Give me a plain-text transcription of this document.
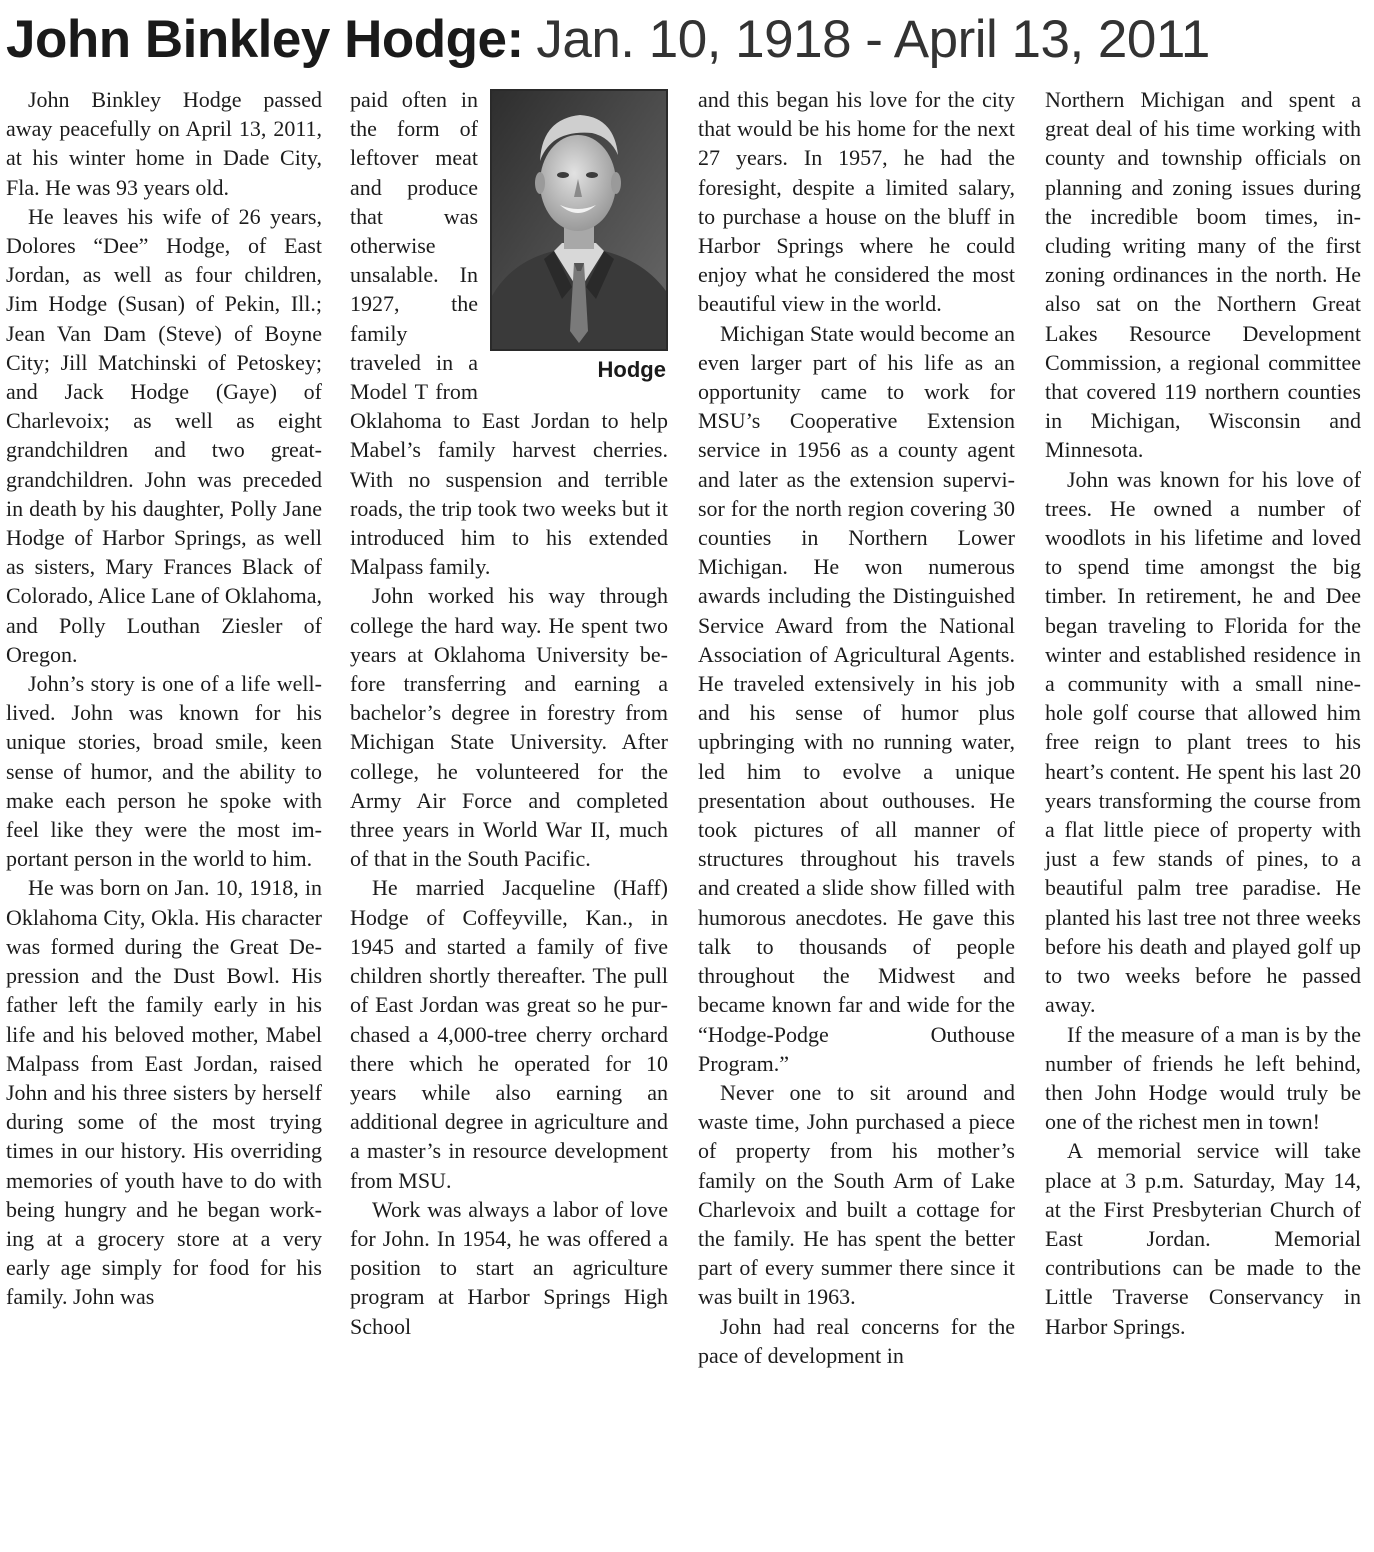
John Binkley Hodge: Jan. 10, 1918 - April 13, 2011

John Binkley Hodge passed away peacefully on April 13, 2011, at his winter home in Dade City, Fla. He was 93 years old.

He leaves his wife of 26 years, Dolores “Dee” Hodge, of East Jordan, as well as four children, Jim Hodge (Susan) of Pekin, Ill.; Jean Van Dam (Steve) of Boyne City; Jill Matchinski of Petoskey; and Jack Hodge (Gaye) of Charlevoix; as well as eight grandchildren and two great-grandchildren. John was preceded in death by his daughter, Polly Jane Hodge of Harbor Springs, as well as sisters, Mary Frances Black of Colorado, Alice Lane of Oklahoma, and Polly Louthan Ziesler of Oregon.

John’s story is one of a life well-lived. John was known for his unique stories, broad smile, keen sense of humor, and the ability to make each person he spoke with feel like they were the most important person in the world to him.

He was born on Jan. 10, 1918, in Oklahoma City, Okla. His character was formed during the Great Depression and the Dust Bowl. His father left the family early in his life and his beloved mother, Mabel Malpass from East Jordan, raised John and his three sisters by herself during some of the most trying times in our history. His overriding memories of youth have to do with being hungry and he began working at a grocery store at a very early age simply for food for his family. John was

Hodge

paid often in the form of leftover meat and produce that was otherwise unsalable. In 1927, the family traveled in a Model T from Oklahoma to East Jordan to help Mabel’s family harvest cherries. With no suspension and terrible roads, the trip took two weeks but it introduced him to his extended Malpass family.

John worked his way through college the hard way. He spent two years at Oklahoma University before transferring and earning a bachelor’s degree in forestry from Michigan State University. After college, he volunteered for the Army Air Force and completed three years in World War II, much of that in the South Pacific.

He married Jacqueline (Haff) Hodge of Coffeyville, Kan., in 1945 and started a family of five children shortly thereafter. The pull of East Jordan was great so he purchased a 4,000-tree cherry orchard there which he operated for 10 years while also earning an additional degree in agriculture and a master’s in resource development from MSU.

Work was always a labor of love for John. In 1954, he was offered a position to start an agriculture program at Harbor Springs High School

and this began his love for the city that would be his home for the next 27 years. In 1957, he had the foresight, despite a limited salary, to purchase a house on the bluff in Harbor Springs where he could enjoy what he considered the most beautiful view in the world.

Michigan State would become an even larger part of his life as an opportunity came to work for MSU’s Cooperative Extension service in 1956 as a county agent and later as the extension supervisor for the north region covering 30 counties in Northern Lower Michigan. He won numerous awards including the Distinguished Service Award from the National Association of Agricultural Agents. He traveled extensively in his job and his sense of humor plus upbringing with no running water, led him to evolve a unique presentation about outhouses. He took pictures of all manner of structures throughout his travels and created a slide show filled with humorous anecdotes. He gave this talk to thousands of people throughout the Midwest and became known far and wide for the “Hodge-Podge Outhouse Program.”

Never one to sit around and waste time, John purchased a piece of property from his mother’s family on the South Arm of Lake Charlevoix and built a cottage for the family. He has spent the better part of every summer there since it was built in 1963.

John had real concerns for the pace of development in

Northern Michigan and spent a great deal of his time working with county and township officials on planning and zoning issues during the incredible boom times, including writing many of the first zoning ordinances in the north. He also sat on the Northern Great Lakes Resource Development Commission, a regional committee that covered 119 northern counties in Michigan, Wisconsin and Minnesota.

John was known for his love of trees. He owned a number of woodlots in his lifetime and loved to spend time amongst the big timber. In retirement, he and Dee began traveling to Florida for the winter and established residence in a community with a small nine-hole golf course that allowed him free reign to plant trees to his heart’s content. He spent his last 20 years transforming the course from a flat little piece of property with just a few stands of pines, to a beautiful palm tree paradise. He planted his last tree not three weeks before his death and played golf up to two weeks before he passed away.

If the measure of a man is by the number of friends he left behind, then John Hodge would truly be one of the richest men in town!

A memorial service will take place at 3 p.m. Saturday, May 14, at the First Presbyterian Church of East Jordan. Memorial contributions can be made to the Little Traverse Conservancy in Harbor Springs.
